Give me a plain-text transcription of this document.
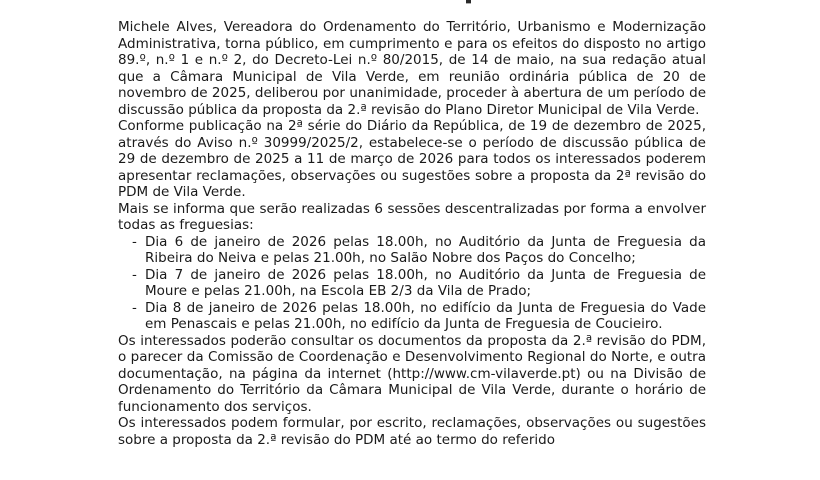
Michele Alves, Vereadora do Ordenamento do Território, Urbanismo e Modernização Administrativa, torna público, em cumprimento e para os efeitos do disposto no artigo 89.º, n.º 1 e n.º 2, do Decreto-Lei n.º 80/2015, de 14 de maio, na sua redação atual que a Câmara Municipal de Vila Verde, em reunião ordinária pública de 20 de novembro de 2025, deliberou por unanimidade, proceder à abertura de um período de discussão pública da proposta da 2.ª revisão do Plano Diretor Municipal de Vila Verde.

Conforme publicação na 2ª série do Diário da República, de 19 de dezembro de 2025, através do Aviso n.º 30999/2025/2, estabelece-se o período de discussão pública de 29 de dezembro de 2025 a 11 de março de 2026 para todos os interessados poderem apresentar reclamações, observações ou sugestões sobre a proposta da 2ª revisão do PDM de Vila Verde.

Mais se informa que serão realizadas 6 sessões descentralizadas por forma a envolver todas as freguesias:

- Dia 6 de janeiro de 2026 pelas 18.00h, no Auditório da Junta de Freguesia da Ribeira do Neiva e pelas 21.00h, no Salão Nobre dos Paços do Concelho;
- Dia 7 de janeiro de 2026 pelas 18.00h, no Auditório da Junta de Freguesia de Moure e pelas 21.00h, na Escola EB 2/3 da Vila de Prado;
- Dia 8 de janeiro de 2026 pelas 18.00h, no edifício da Junta de Freguesia do Vade em Penascais e pelas 21.00h, no edifício da Junta de Freguesia de Coucieiro.

Os interessados poderão consultar os documentos da proposta da 2.ª revisão do PDM, o parecer da Comissão de Coordenação e Desenvolvimento Regional do Norte, e outra documentação, na página da internet (http://www.cm-vilaverde.pt) ou na Divisão de Ordenamento do Território da Câmara Municipal de Vila Verde, durante o horário de funcionamento dos serviços.

Os interessados podem formular, por escrito, reclamações, observações ou sugestões sobre a proposta da 2.ª revisão do PDM até ao termo do referido
